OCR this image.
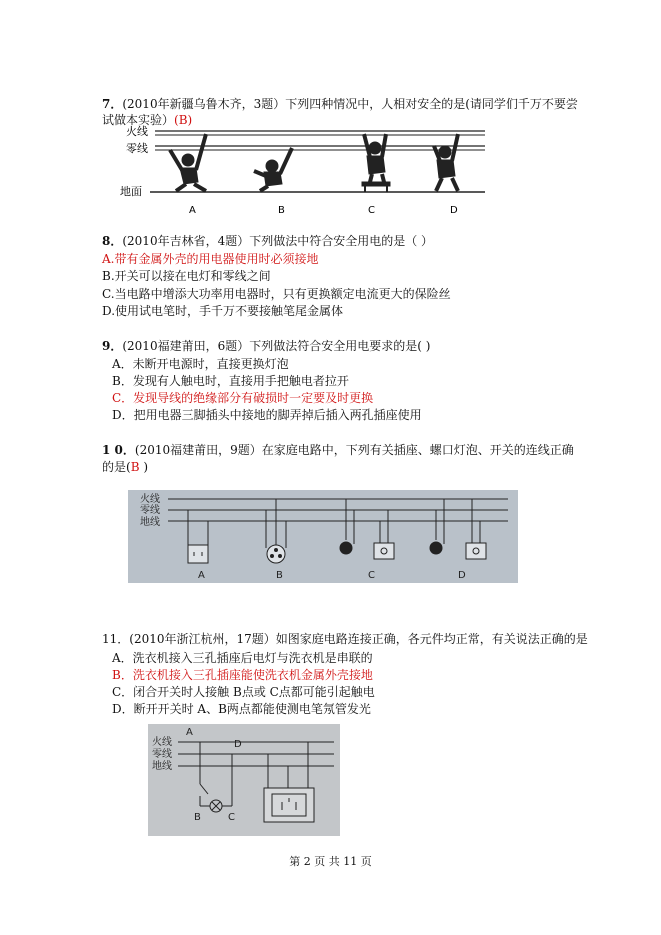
7．(2010年新疆乌鲁木齐，3题）下列四种情况中，人相对安全的是(请同学们千万不要尝
试做本实验）(B)
火线
零线
地面
A	B	C	D
8．(2010年吉林省，4题）下列做法中符合安全用电的是（ ）
A.带有金属外壳的用电器使用时必须接地
B.开关可以接在电灯和零线之间
C.当电路中增添大功率用电器时，只有更换额定电流更大的保险丝
D.使用试电笔时，手千万不要接触笔尾金属体
9．(2010福建莆田，6题）下列做法符合安全用电要求的是( )
A．未断开电源时，直接更换灯泡
B．发现有人触电时，直接用手把触电者拉开
C．发现导线的绝缘部分有破损时一定要及时更换
D．把用电器三脚插头中接地的脚弄掉后插入两孔插座使用
1 0．(2010福建莆田，9题）在家庭电路中，下列有关插座、螺口灯泡、开关的连线正确
的是(B )
火线
零线
地线
A	B	C	D
11．(2010年浙江杭州，17题）如图家庭电路连接正确，各元件均正常，有关说法正确的是
A．洗衣机接入三孔插座后电灯与洗衣机是串联的
B．洗衣机接入三孔插座能使洗衣机金属外壳接地
C．闭合开关时人接触 B点或 C点都可能引起触电
D．断开开关时 A、B两点都能使测电笔氖管发光
火线
零线
地线
A
D
B	C
第 2 页 共 11 页
